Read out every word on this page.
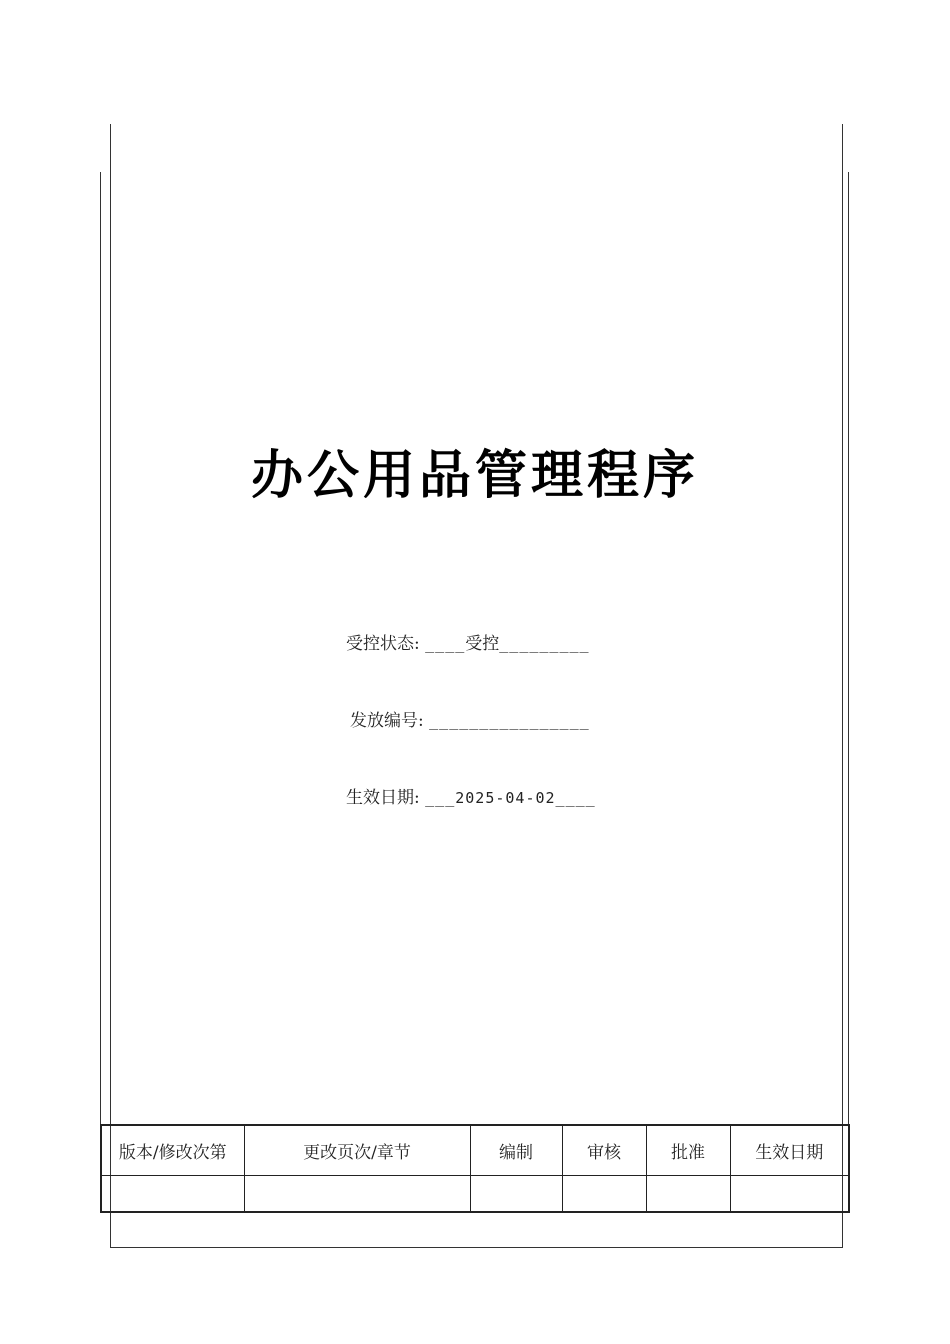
办公用品管理程序
受控状态: ____受控_________
发放编号: ________________
生效日期: ___2025-04-02____
版本/修改次第	更改页次/章节	编制	审核	批准	生效日期
